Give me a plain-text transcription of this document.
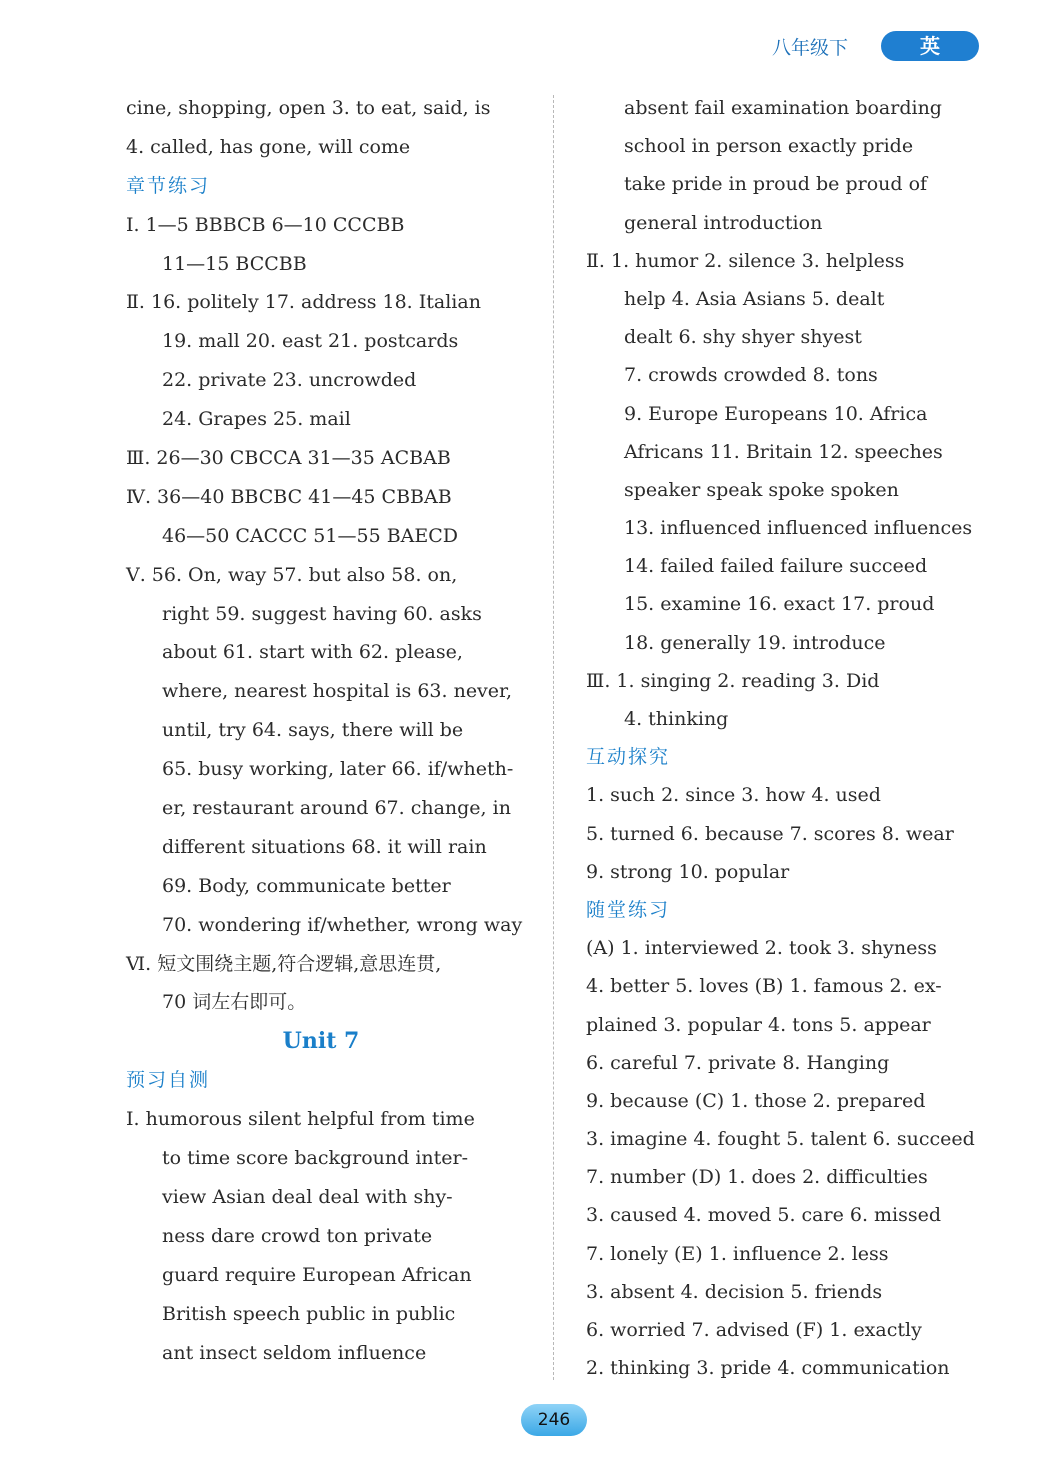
八年级下	英 语
cine, shopping, open 3. to eat, said, is
4. called, has gone, will come
章节练习
Ⅰ. 1—5 BBBCB 6—10 CCCBB
11—15 BCCBB
Ⅱ. 16. politely 17. address 18. Italian
19. mall 20. east 21. postcards
22. private 23. uncrowded
24. Grapes 25. mail
Ⅲ. 26—30 CBCCA 31—35 ACBAB
Ⅳ. 36—40 BBCBC 41—45 CBBAB
46—50 CACCC 51—55 BAECD
Ⅴ. 56. On, way 57. but also 58. on,
right 59. suggest having 60. asks
about 61. start with 62. please,
where, nearest hospital is 63. never,
until, try 64. says, there will be
65. busy working, later 66. if/wheth-
er, restaurant around 67. change, in
different situations 68. it will rain
69. Body, communicate better
70. wondering if/whether, wrong way
Ⅵ. 短文围绕主题,符合逻辑,意思连贯,
70 词左右即可。
Unit 7
预习自测
Ⅰ. humorous silent helpful from time
to time score background inter-
view Asian deal deal with shy-
ness dare crowd ton private
guard require European African
British speech public in public
ant insect seldom influence
absent fail examination boarding
school in person exactly pride
take pride in proud be proud of
general introduction
Ⅱ. 1. humor 2. silence 3. helpless
help 4. Asia Asians 5. dealt
dealt 6. shy shyer shyest
7. crowds crowded 8. tons
9. Europe Europeans 10. Africa
Africans 11. Britain 12. speeches
speaker speak spoke spoken
13. influenced influenced influences
14. failed failed failure succeed
15. examine 16. exact 17. proud
18. generally 19. introduce
Ⅲ. 1. singing 2. reading 3. Did
4. thinking
互动探究
1. such 2. since 3. how 4. used
5. turned 6. because 7. scores 8. wear
9. strong 10. popular
随堂练习
(A) 1. interviewed 2. took 3. shyness
4. better 5. loves (B) 1. famous 2. ex-
plained 3. popular 4. tons 5. appear
6. careful 7. private 8. Hanging
9. because (C) 1. those 2. prepared
3. imagine 4. fought 5. talent 6. succeed
7. number (D) 1. does 2. difficulties
3. caused 4. moved 5. care 6. missed
7. lonely (E) 1. influence 2. less
3. absent 4. decision 5. friends
6. worried 7. advised (F) 1. exactly
2. thinking 3. pride 4. communication
246
